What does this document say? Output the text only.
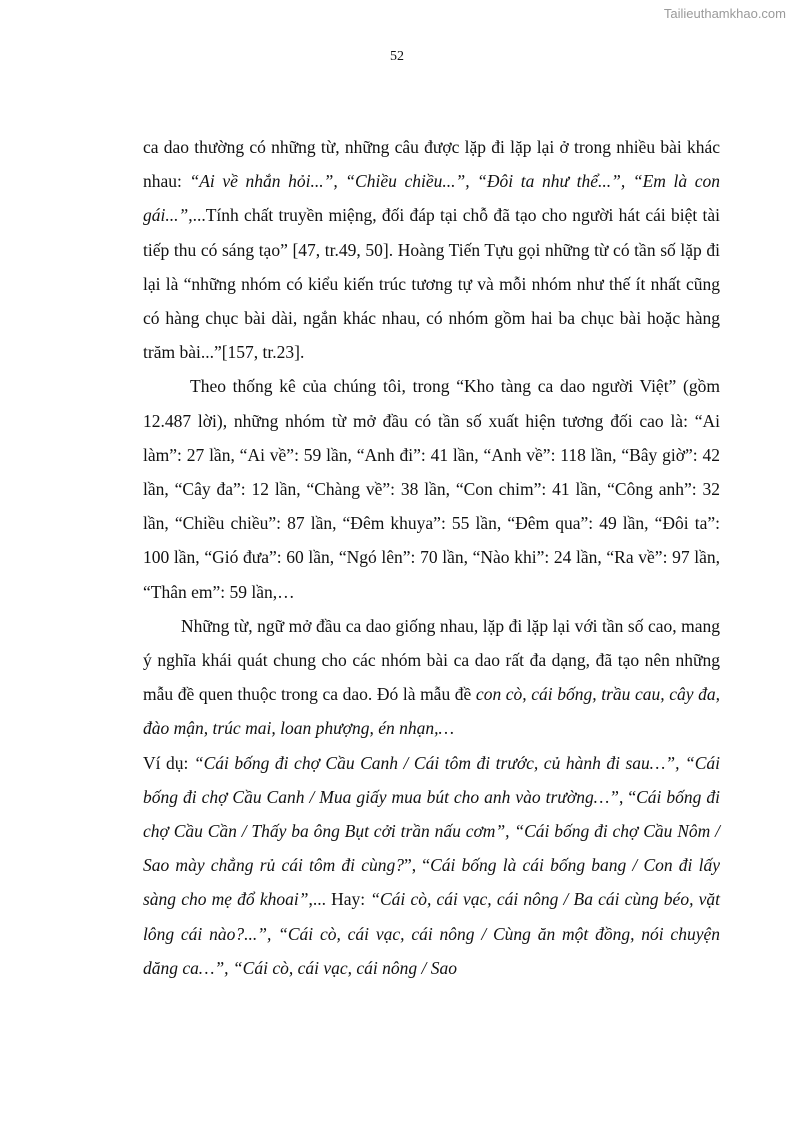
Tailieuthamkhao.com
52

ca dao thường có những từ, những câu được lặp đi lặp lại ở trong nhiều bài khác nhau: “Ai về nhắn hỏi...”, “Chiều chiều...”, “Đôi ta như thể...”, “Em là con gái...”,...Tính chất truyền miệng, đối đáp tại chỗ đã tạo cho người hát cái biệt tài tiếp thu có sáng tạo” [47, tr.49, 50]. Hoàng Tiến Tựu gọi những từ có tần số lặp đi lại là “những nhóm có kiểu kiến trúc tương tự và mỗi nhóm như thế ít nhất cũng có hàng chục bài dài, ngắn khác nhau, có nhóm gồm hai ba chục bài hoặc hàng trăm bài...”[157, tr.23].

Theo thống kê của chúng tôi, trong “Kho tàng ca dao người Việt” (gồm 12.487 lời), những nhóm từ mở đầu có tần số xuất hiện tương đối cao là: “Ai làm”: 27 lần, “Ai về”: 59 lần, “Anh đi”: 41 lần, “Anh về”: 118 lần, “Bây giờ”: 42 lần, “Cây đa”: 12 lần, “Chàng về”: 38 lần, “Con chim”: 41 lần, “Công anh”: 32 lần, “Chiều chiều”: 87 lần, “Đêm khuya”: 55 lần, “Đêm qua”: 49 lần, “Đôi ta”: 100 lần, “Gió đưa”: 60 lần, “Ngó lên”: 70 lần, “Nào khi”: 24 lần, “Ra về”: 97 lần, “Thân em”: 59 lần,…

Những từ, ngữ mở đầu ca dao giống nhau, lặp đi lặp lại với tần số cao, mang ý nghĩa khái quát chung cho các nhóm bài ca dao rất đa dạng, đã tạo nên những mẫu đề quen thuộc trong ca dao. Đó là mẫu đề con cò, cái bống, trầu cau, cây đa, đào mận, trúc mai, loan phượng, én nhạn,…

Ví dụ: “Cái bống đi chợ Cầu Canh / Cái tôm đi trước, củ hành đi sau…”, “Cái bống đi chợ Cầu Canh / Mua giấy mua bút cho anh vào trường…”, “Cái bống đi chợ Cầu Cần / Thấy ba ông Bụt cởi trần nấu cơm”, “Cái bống đi chợ Cầu Nôm / Sao mày chẳng rủ cái tôm đi cùng?”, “Cái bống là cái bống bang / Con đi lấy sàng cho mẹ đổ khoai”,... Hay: “Cái cò, cái vạc, cái nông / Ba cái cùng béo, vặt lông cái nào?...”, “Cái cò, cái vạc, cái nông / Cùng ăn một đồng, nói chuyện dăng ca…”, “Cái cò, cái vạc, cái nông / Sao
